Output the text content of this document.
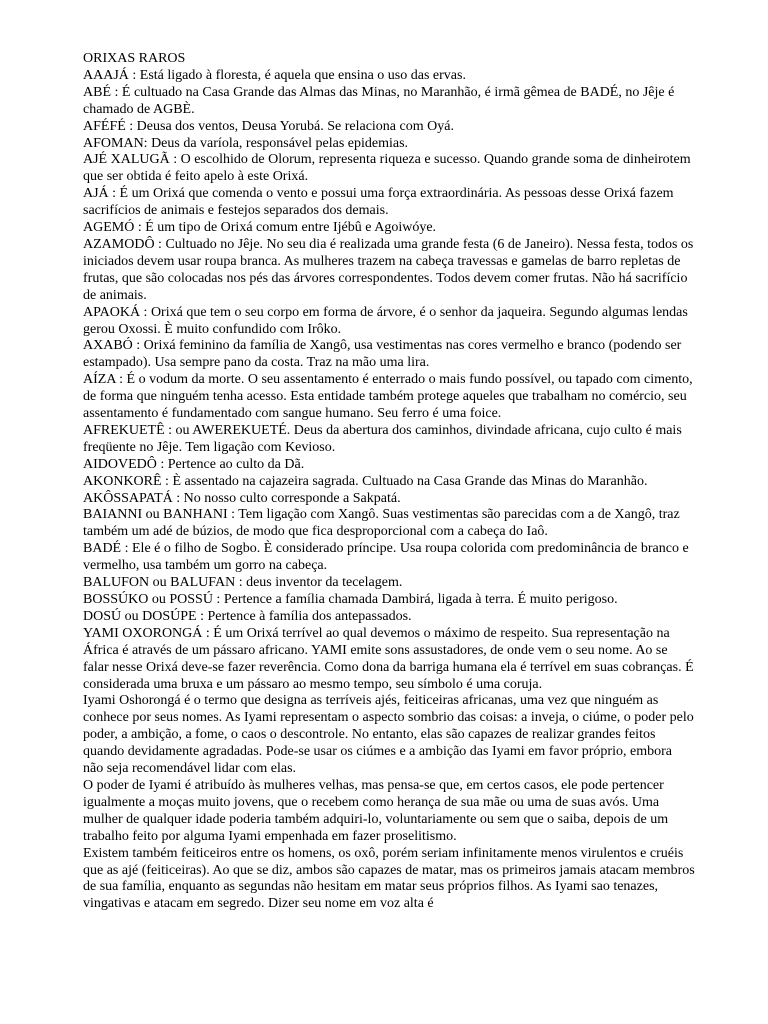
ORIXAS RAROS

AAAJÁ : Está ligado à floresta, é aquela que ensina o uso das ervas.

ABÉ : É cultuado na Casa Grande das Almas das Minas, no Maranhão, é irmã gêmea de BADÉ, no Jêje é chamado de AGBÈ.

AFÉFÉ : Deusa dos ventos, Deusa Yorubá. Se relaciona com Oyá.

AFOMAN: Deus da varíola, responsável pelas epidemias.

AJÉ XALUGÃ : O escolhido de Olorum, representa riqueza e sucesso. Quando grande soma de dinheirotem que ser obtida é feito apelo à este Orixá.

AJÁ : É um Orixá que comenda o vento e possui uma força extraordinária. As pessoas desse Orixá fazem sacrifícios de animais e festejos separados dos demais.

AGEMÓ : É um tipo de Orixá comum entre Ijébû e Agoiwóye.

AZAMODÔ : Cultuado no Jêje. No seu dia é realizada uma grande festa (6 de Janeiro). Nessa festa, todos os iniciados devem usar roupa branca. As mulheres trazem na cabeça travessas e gamelas de barro repletas de frutas, que são colocadas nos pés das árvores correspondentes. Todos devem comer frutas. Não há sacrifício de animais.

APAOKÁ : Orixá que tem o seu corpo em forma de árvore, é o senhor da jaqueira. Segundo algumas lendas gerou Oxossi. È muito confundido com Irôko.

AXABÓ : Orixá feminino da família de Xangô, usa vestimentas nas cores vermelho e branco (podendo ser estampado). Usa sempre pano da costa. Traz na mão uma lira.

AÍZA : É o vodum da morte. O seu assentamento é enterrado o mais fundo possível, ou tapado com cimento, de forma que ninguém tenha acesso. Esta entidade também protege aqueles que trabalham no comércio, seu assentamento é fundamentado com sangue humano. Seu ferro é uma foice.

AFREKUETÊ : ou AWEREKUETÉ. Deus da abertura dos caminhos, divindade africana, cujo culto é mais freqüente no Jêje. Tem ligação com Kevioso.

AIDOVEDÔ : Pertence ao culto da Dã.

AKONKORÊ : È assentado na cajazeira sagrada. Cultuado na Casa Grande das Minas do Maranhão.

AKÔSSAPATÁ : No nosso culto corresponde a Sakpatá.

BAIANNI ou BANHANI : Tem ligação com Xangô. Suas vestimentas são parecidas com a de Xangô, traz também um adé de búzios, de modo que fica desproporcional com a cabeça do Iaô.

BADÉ : Ele é o filho de Sogbo. È considerado príncipe. Usa roupa colorida com predominância de branco e vermelho, usa também um gorro na cabeça.

BALUFON ou BALUFAN : deus inventor da tecelagem.

BOSSÚKO ou POSSÚ : Pertence a família chamada Dambirá, ligada à terra. É muito perigoso.

DOSÚ ou DOSÚPE : Pertence à família dos antepassados.

YAMI OXORONGÁ : É um Orixá terrível ao qual devemos o máximo de respeito. Sua representação na África é através de um pássaro africano. YAMI emite sons assustadores, de onde vem o seu nome. Ao se falar nesse Orixá deve-se fazer reverência. Como dona da barriga humana ela é terrível em suas cobranças. É considerada uma bruxa e um pássaro ao mesmo tempo, seu símbolo é uma coruja.

Iyami Oshorongá é o termo que designa as terríveis ajés, feiticeiras africanas, uma vez que ninguém as conhece por seus nomes. As Iyami representam o aspecto sombrio das coisas: a inveja, o ciúme, o poder pelo poder, a ambição, a fome, o caos o descontrole. No entanto, elas são capazes de realizar grandes feitos quando devidamente agradadas. Pode-se usar os ciúmes e a ambição das Iyami em favor próprio, embora não seja recomendável lidar com elas.

O poder de Iyami é atribuído às mulheres velhas, mas pensa-se que, em certos casos, ele pode pertencer igualmente a moças muito jovens, que o recebem como herança de sua mãe ou uma de suas avós. Uma mulher de qualquer idade poderia também adquiri-lo, voluntariamente ou sem que o saiba, depois de um trabalho feito por alguma Iyami empenhada em fazer proselitismo.

Existem também feiticeiros entre os homens, os oxô, porém seriam infinitamente menos virulentos e cruéis que as ajé (feiticeiras). Ao que se diz, ambos são capazes de matar, mas os primeiros jamais atacam membros de sua família, enquanto as segundas não hesitam em matar seus próprios filhos. As Iyami sao tenazes, vingativas e atacam em segredo. Dizer seu nome em voz alta é
